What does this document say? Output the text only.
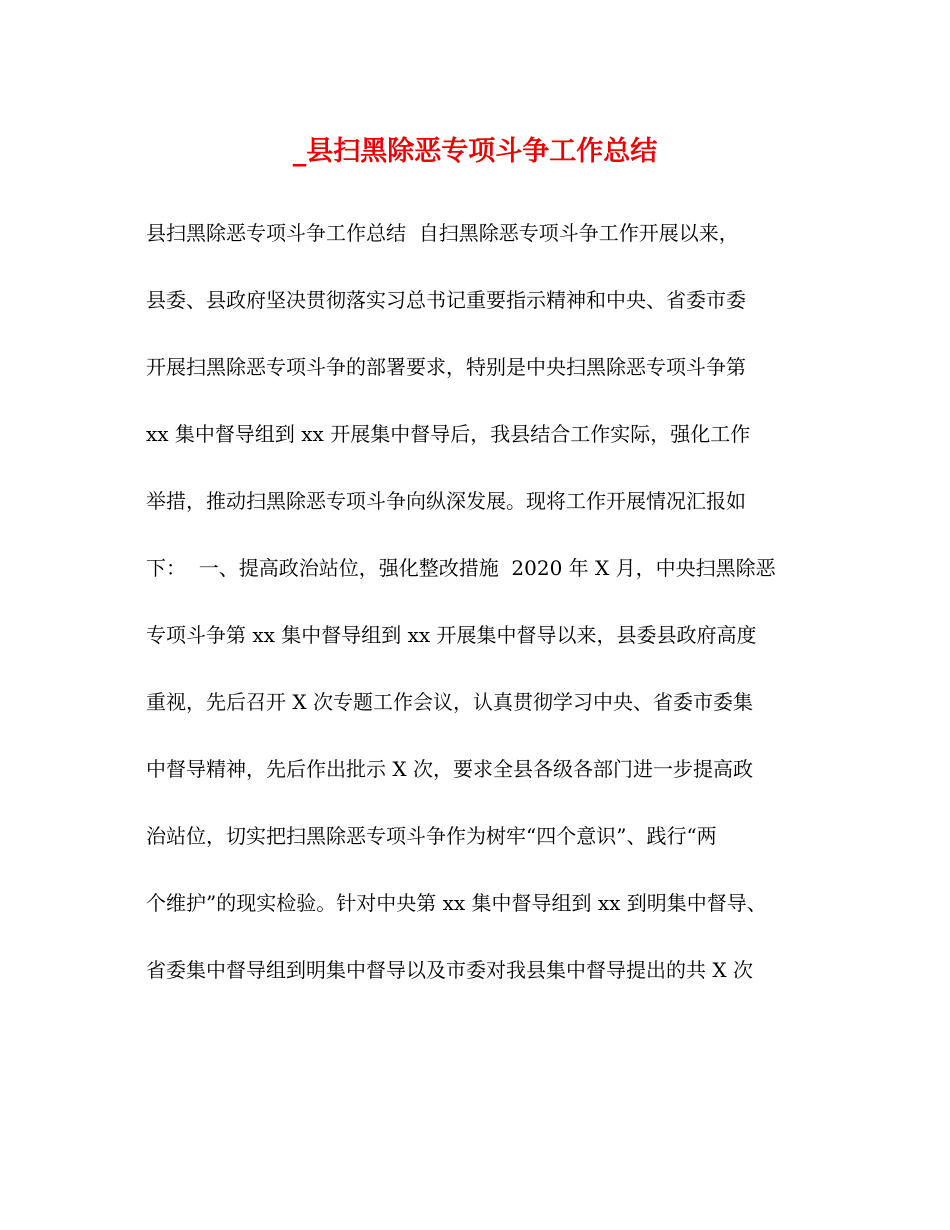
_县扫黑除恶专项斗争工作总结
县扫黑除恶专项斗争工作总结  自扫黑除恶专项斗争工作开展以来，
县委、县政府坚决贯彻落实习总书记重要指示精神和中央、省委市委
开展扫黑除恶专项斗争的部署要求，特别是中央扫黑除恶专项斗争第
xx 集中督导组到 xx 开展集中督导后，我县结合工作实际，强化工作
举措，推动扫黑除恶专项斗争向纵深发展。现将工作开展情况汇报如
下：  一、提高政治站位，强化整改措施  2020 年 X 月，中央扫黑除恶
专项斗争第 xx 集中督导组到 xx 开展集中督导以来，县委县政府高度
重视，先后召开 X 次专题工作会议，认真贯彻学习中央、省委市委集
中督导精神，先后作出批示 X 次，要求全县各级各部门进一步提高政
治站位，切实把扫黑除恶专项斗争作为树牢“四个意识”、践行“两
个维护”的现实检验。针对中央第 xx 集中督导组到 xx 到明集中督导、
省委集中督导组到明集中督导以及市委对我县集中督导提出的共 X 次
